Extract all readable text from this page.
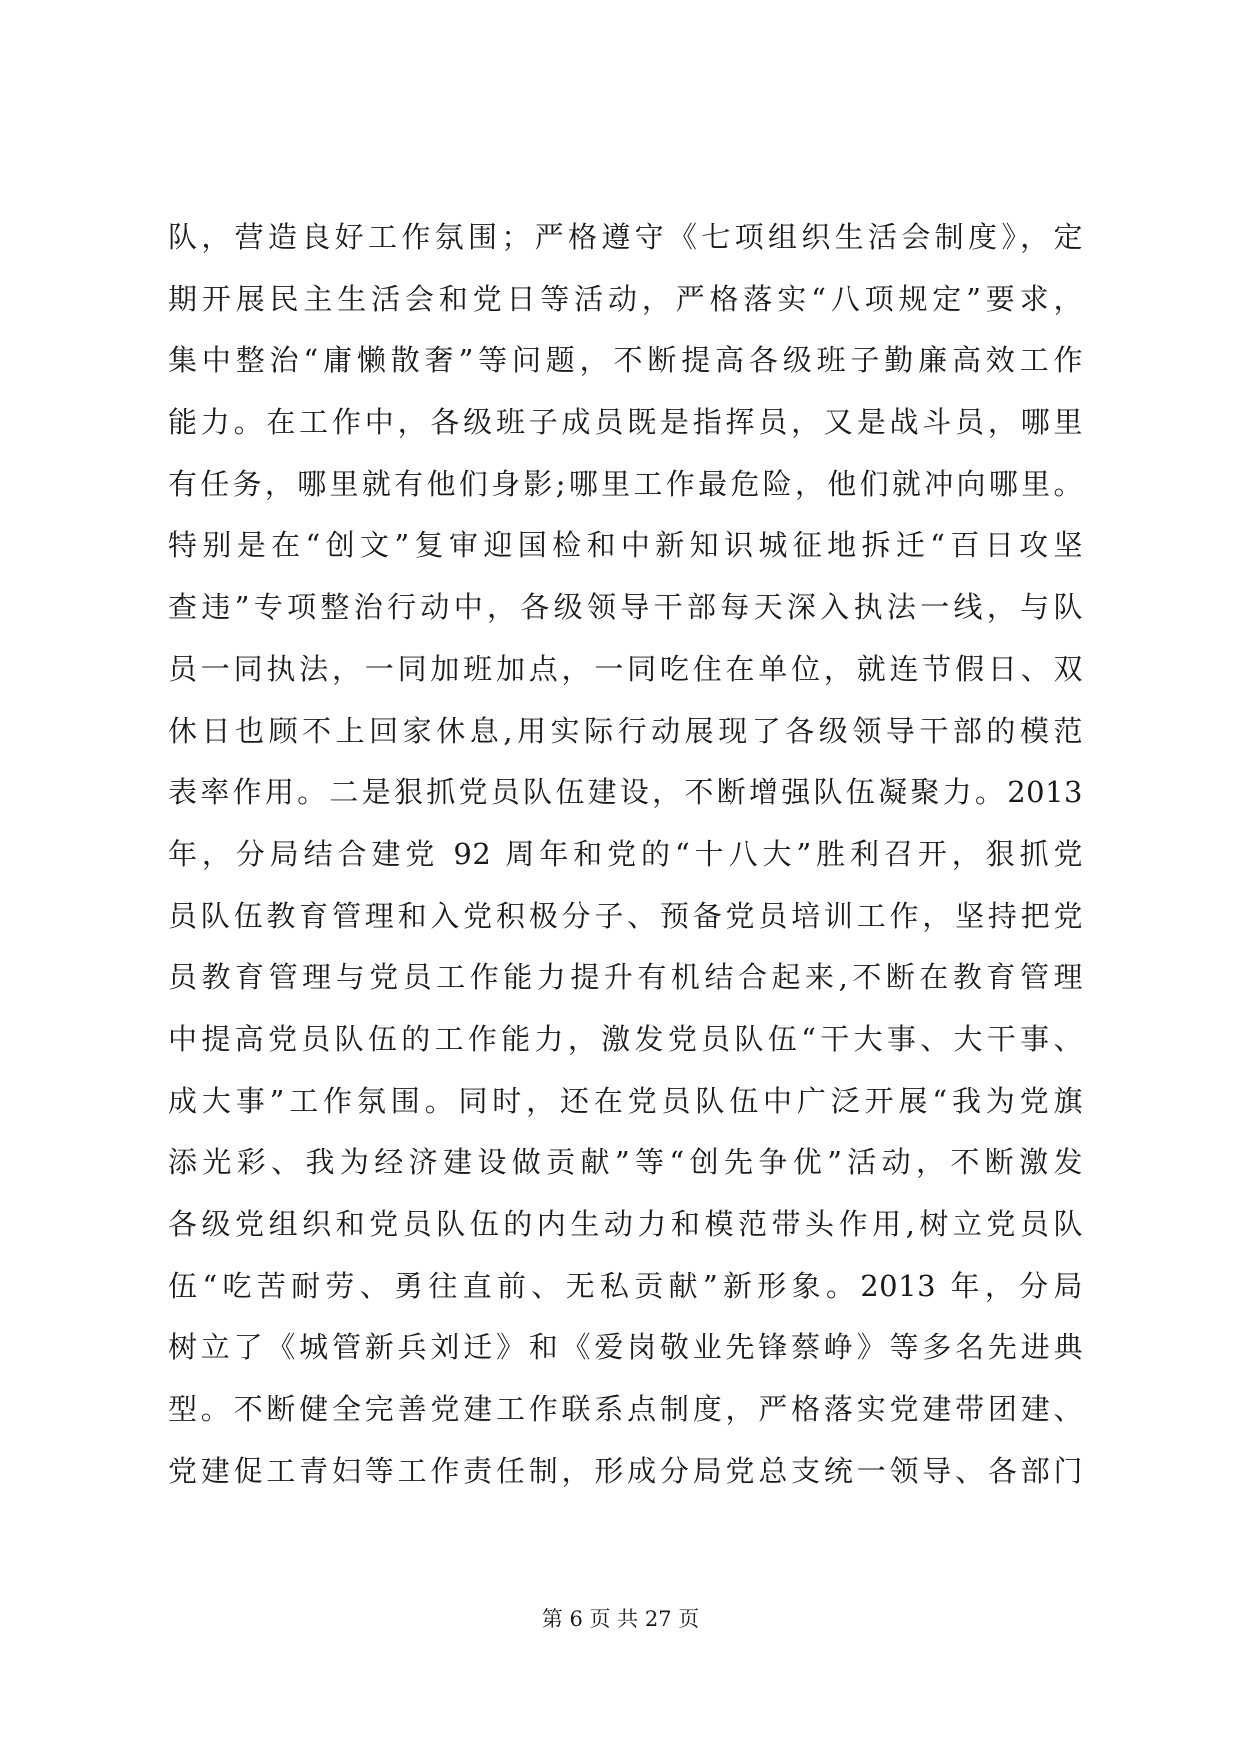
队，营造良好工作氛围；严格遵守《七项组织生活会制度》，定
期开展民主生活会和党日等活动，严格落实“八项规定”要求，
集中整治“庸懒散奢”等问题，不断提高各级班子勤廉高效工作
能力。在工作中，各级班子成员既是指挥员，又是战斗员，哪里
有任务，哪里就有他们身影;哪里工作最危险，他们就冲向哪里。
特别是在“创文”复审迎国检和中新知识城征地拆迁“百日攻坚
查违”专项整治行动中，各级领导干部每天深入执法一线，与队
员一同执法，一同加班加点，一同吃住在单位，就连节假日、双
休日也顾不上回家休息,用实际行动展现了各级领导干部的模范
表率作用。二是狠抓党员队伍建设，不断增强队伍凝聚力。2013
年，分局结合建党 92 周年和党的“十八大”胜利召开，狠抓党
员队伍教育管理和入党积极分子、预备党员培训工作，坚持把党
员教育管理与党员工作能力提升有机结合起来,不断在教育管理
中提高党员队伍的工作能力，激发党员队伍“干大事、大干事、
成大事”工作氛围。同时，还在党员队伍中广泛开展“我为党旗
添光彩、我为经济建设做贡献”等“创先争优”活动，不断激发
各级党组织和党员队伍的内生动力和模范带头作用,树立党员队
伍“吃苦耐劳、勇往直前、无私贡献”新形象。2013 年，分局
树立了《城管新兵刘迁》和《爱岗敬业先锋蔡峥》等多名先进典
型。不断健全完善党建工作联系点制度，严格落实党建带团建、
党建促工青妇等工作责任制，形成分局党总支统一领导、各部门
第 6 页 共 27 页
